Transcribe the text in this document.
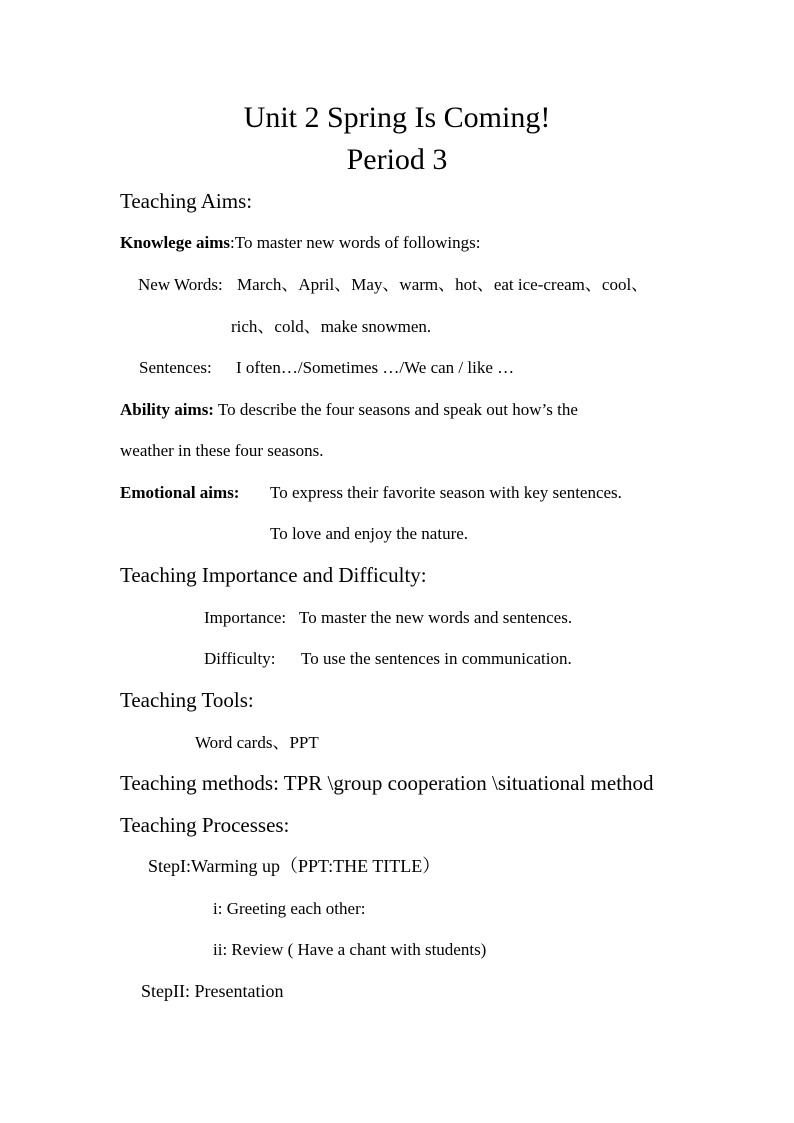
Unit 2 Spring Is Coming!
Period 3
Teaching Aims:
Knowlege aims:To master new words of followings:
New Words: March、April、May、warm、hot、eat ice-cream、cool、
rich、cold、make snowmen.
Sentences: I often…/Sometimes …/We can / like …
Ability aims: To describe the four seasons and speak out how’s the
weather in these four seasons.
Emotional aims: To express their favorite season with key sentences.
To love and enjoy the nature.
Teaching Importance and Difficulty:
Importance: To master the new words and sentences.
Difficulty: To use the sentences in communication.
Teaching Tools:
Word cards、PPT
Teaching methods: TPR \group cooperation \situational method
Teaching Processes:
StepI:Warming up（PPT:THE TITLE）
i: Greeting each other:
ii: Review ( Have a chant with students)
StepII: Presentation
